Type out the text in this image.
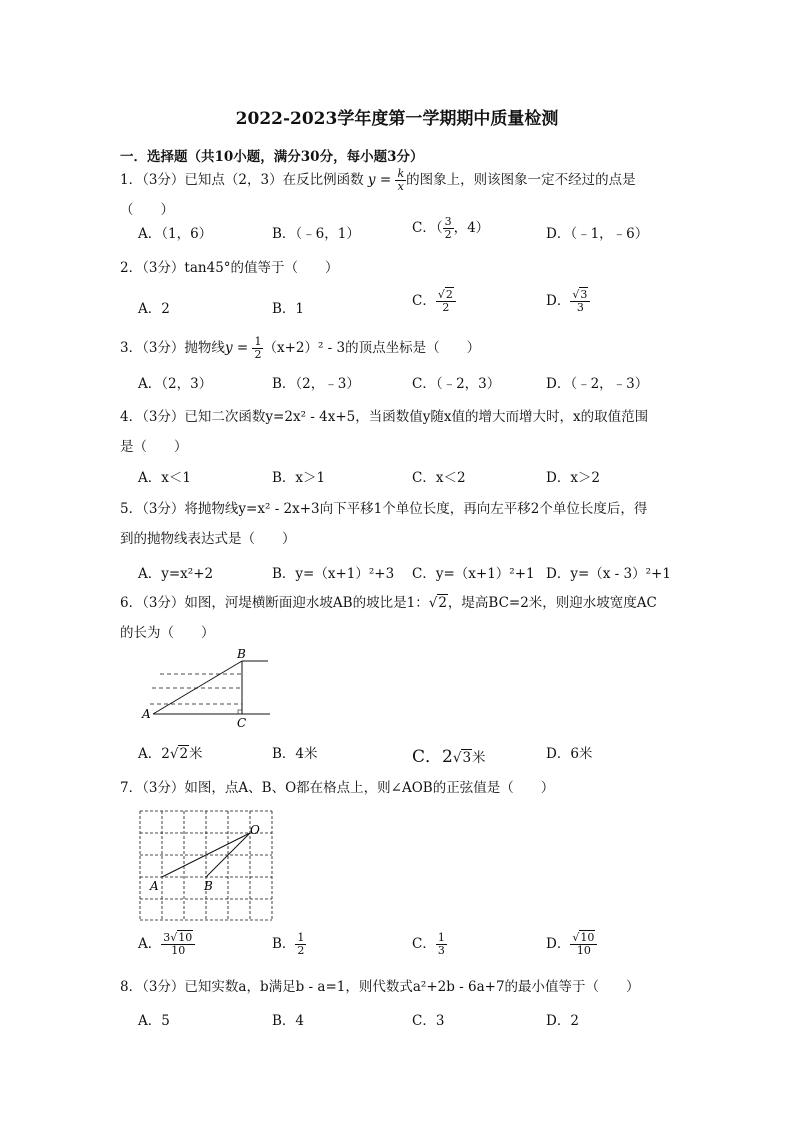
2022-2023学年度第一学期期中质量检测
一．选择题（共10小题，满分30分，每小题3分）
1．（3分）已知点（2，3）在反比例函数 $y = \frac{k}{x}$ 的图象上，则该图象一定不经过的点是（　　）
A．（1，6）	B．（﹣6，1）	C．（ $\frac{3}{2}$ ，4）	D．（﹣1，﹣6）
2．（3分）tan45°的值等于（　　）
A．2	B．1	C． $\frac{√2}{2}$	D． $\frac{√3}{3}$
3．（3分）抛物线$y = \frac{1}{2} (x+2)^2 - 3$的顶点坐标是（　　）
A．（2，3）	B．（2，﹣3）	C．（﹣2，3）	D．（﹣2，﹣3）
4．（3分）已知二次函数y=2x² - 4x+5，当函数值y随x值的增大而增大时，x的取值范围
是（　　）
A．x＜1	B．x＞1	C．x＜2	D．x＞2
5．（3分）将抛物线y=x² - 2x+3向下平移1个单位长度，再向左平移2个单位长度后，得
到的抛物线表达式是（　　）
A．y=x²+2	B．y=（x+1）²+3 C．y=（x+1）²+1 D．y=（x - 3）²+1
6．（3分）如图，河堤横断面迎水坡AB的坡比是1：√2，堤高BC=2米，则迎水坡宽度AC
的长为（　　）
A
B
C
A．2√2米	B．4米	C．2√3米	D．6米
7．（3分）如图，点A、B、O都在格点上，则∠AOB的正弦值是（　　）
A	B
O
A． $\frac{3√10}{10}$	B． $\frac{1}{2}$	C． $\frac{1}{3}$	D． $\frac{√10}{10}$
8．（3分）已知实数a，b满足b - a=1，则代数式a²+2b - 6a+7的最小值等于（　　）
A．5	B．4	C．3	D．2
